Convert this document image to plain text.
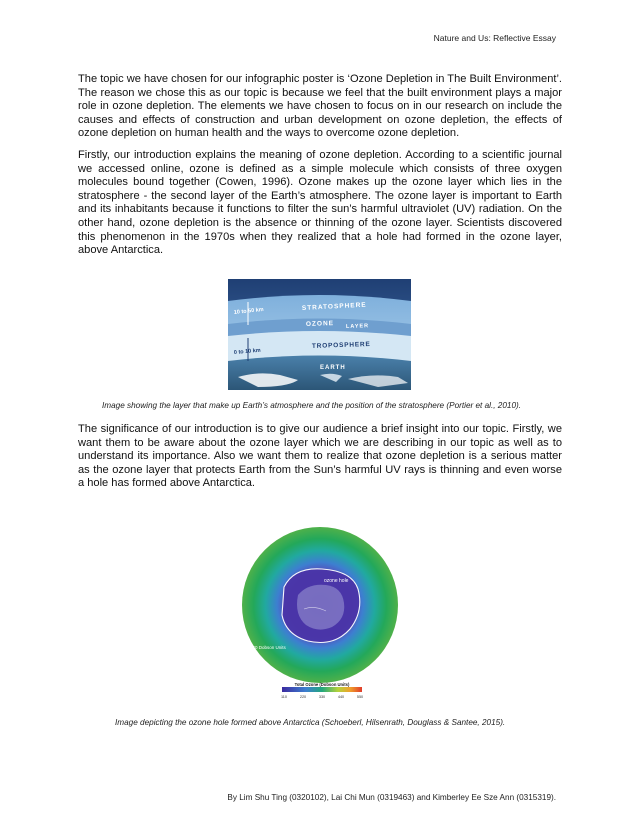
Nature and Us: Reflective Essay

The topic we have chosen for our infographic poster is ‘Ozone Depletion in The Built Environment’. The reason we chose this as our topic is because we feel that the built environment plays a major role in ozone depletion. The elements we have chosen to focus on in our research on include the causes and effects of construction and urban development on ozone depletion, the effects of ozone depletion on human health and the ways to overcome ozone depletion.

Firstly, our introduction explains the meaning of ozone depletion. According to a scientific journal we accessed online, ozone is defined as a simple molecule which consists of three oxygen molecules bound together (Cowen, 1996). Ozone makes up the ozone layer which lies in the stratosphere - the second layer of the Earth’s atmosphere. The ozone layer is important to Earth and its inhabitants because it functions to filter the sun’s harmful ultraviolet (UV) radiation. On the other hand, ozone depletion is the absence or thinning of the ozone layer. Scientists discovered this phenomenon in the 1970s when they realized that a hole had formed in the ozone layer, above Antarctica.

10 to 50 km
0 to 10 km
STRATOSPHERE
OZONE LAYER
TROPOSPHERE
EARTH
Image showing the layer that make up Earth’s atmosphere and the position of the stratosphere (Portier et al., 2010).

The significance of our introduction is to give our audience a brief insight into our topic. Firstly, we want them to be aware about the ozone layer which we are describing in our topic as well as to understand its importance. Also we want them to realize that ozone depletion is a serious matter as the ozone layer that protects Earth from the Sun’s harmful UV rays is thinning and even worse a hole has formed above Antarctica.

ozone hole
220 Dobson Units
Total Ozone (Dobson Units)
110	220	330	440	550
Image depicting the ozone hole formed above Antarctica (Schoeberl, Hilsenrath, Douglass & Santee, 2015).
By Lim Shu Ting (0320102), Lai Chi Mun (0319463) and Kimberley Ee Sze Ann (0315319).
